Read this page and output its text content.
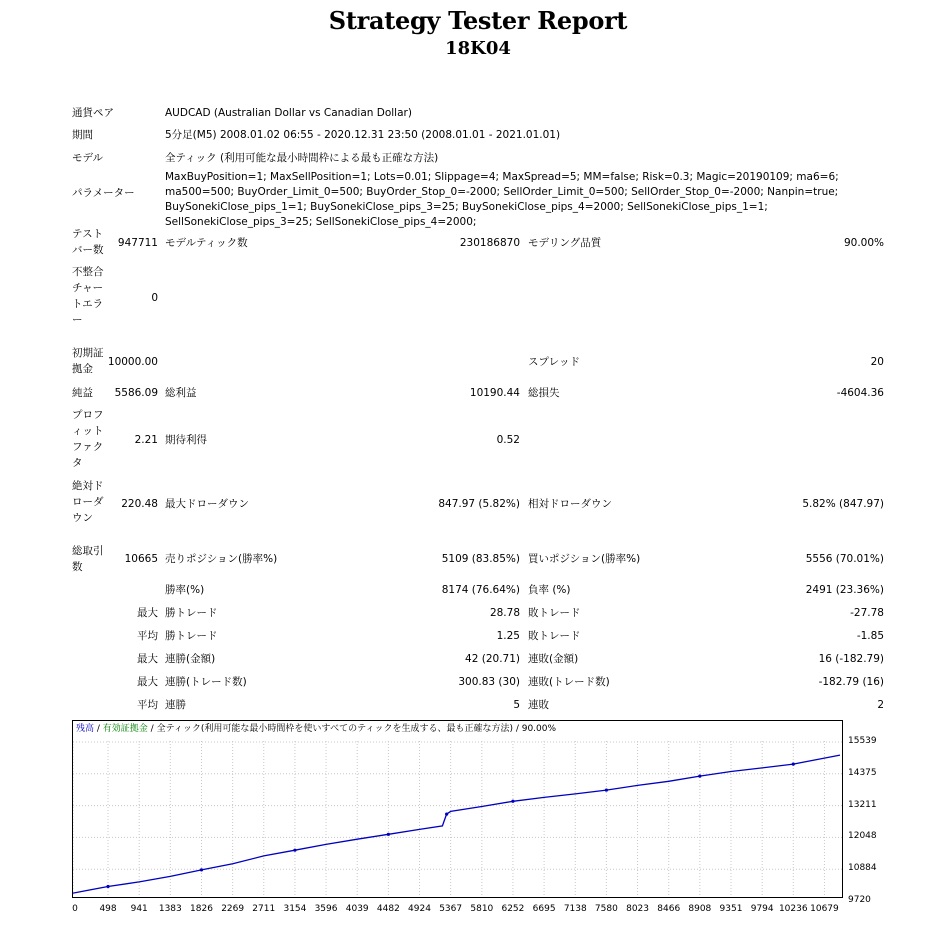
Strategy Tester Report
18K04
通貨ペア	AUDCAD (Australian Dollar vs Canadian Dollar)
期間	5分足(M5) 2008.01.02 06:55 - 2020.12.31 23:50 (2008.01.01 - 2021.01.01)
モデル	全ティック (利用可能な最小時間枠による最も正確な方法)
パラメーター
MaxBuyPosition=1; MaxSellPosition=1; Lots=0.01; Slippage=4; MaxSpread=5; MM=false; Risk=0.3; Magic=20190109; ma6=6; ma500=500; BuyOrder_Limit_0=500; BuyOrder_Stop_0=-2000; SellOrder_Limit_0=500; SellOrder_Stop_0=-2000; Nanpin=true; BuySonekiClose_pips_1=1; BuySonekiClose_pips_3=25; BuySonekiClose_pips_4=2000; SellSonekiClose_pips_1=1; SellSonekiClose_pips_3=25; SellSonekiClose_pips_4=2000;
テストバー数
947711 モデルティック数	230186870 モデリング品質	90.00%
不整合チャートエラー
0
初期証拠金
10000.00	スプレッド	20
純益	5586.09 総利益	10190.44 総損失	-4604.36
プロフィットファクタ
2.21 期待利得	0.52
絶対ドローダウン
220.48 最大ドローダウン	847.97 (5.82%) 相対ドローダウン	5.82% (847.97)
総取引数
10665 売りポジション(勝率%)	5109 (83.85%) 買いポジション(勝率%)	5556 (70.01%)
勝率(%)	8174 (76.64%) 負率 (%)	2491 (23.36%)
最大 勝トレード	28.78 敗トレード	-27.78
平均 勝トレード	1.25 敗トレード	-1.85
最大 連勝(金額)	42 (20.71) 連敗(金額)	16 (-182.79)
最大 連勝(トレード数)	300.83 (30) 連敗(トレード数)	-182.79 (16)
平均 連勝	5 連敗	2
残高 / 有効証拠金 / 全ティック(利用可能な最小時間枠を使いすべてのティックを生成する、最も正確な方法) / 90.00%
15539
14375
13211
12048
10884
9720
0 498 941 1383 1826 2269 2711 3154 3596 4039 4482 4924 5367 5810 6252 6695 7138 7580 8023 8466 8908 9351 9794 10236 10679
